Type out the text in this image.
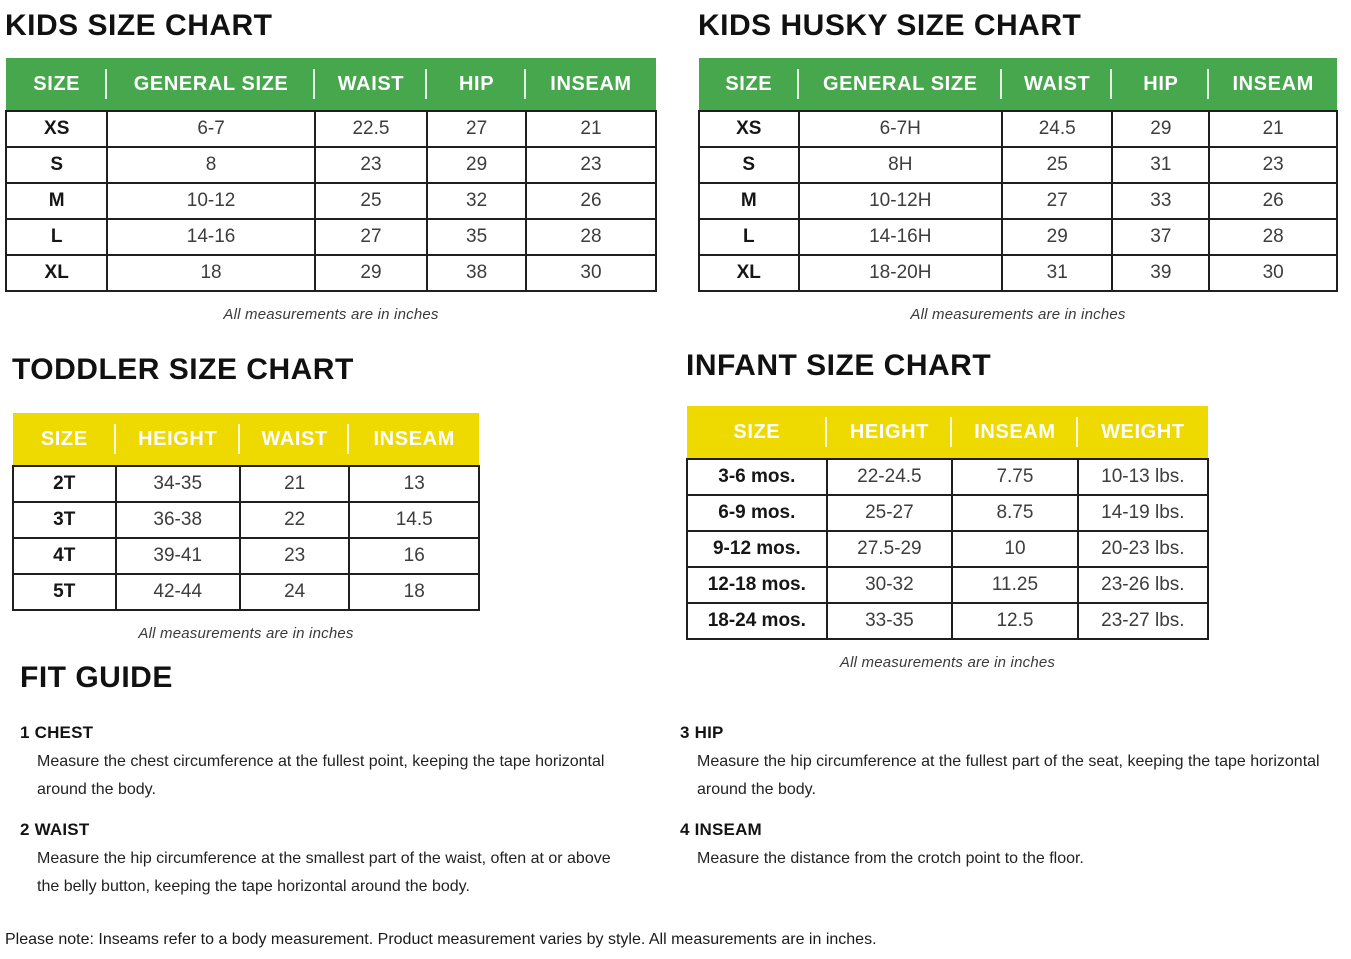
KIDS SIZE CHART
SIZE	GENERAL SIZE	WAIST	HIP	INSEAM
XS	6-7	22.5	27	21
S	8	23	29	23
M	10-12	25	32	26
L	14-16	27	35	28
XL	18	29	38	30
All measurements are in inches
KIDS HUSKY SIZE CHART
SIZE	GENERAL SIZE	WAIST	HIP	INSEAM
XS	6-7H	24.5	29	21
S	8H	25	31	23
M	10-12H	27	33	26
L	14-16H	29	37	28
XL	18-20H	31	39	30
All measurements are in inches
TODDLER SIZE CHART
SIZE	HEIGHT	WAIST	INSEAM
2T	34-35	21	13
3T	36-38	22	14.5
4T	39-41	23	16
5T	42-44	24	18
All measurements are in inches
INFANT SIZE CHART
SIZE	HEIGHT	INSEAM	WEIGHT
3-6 mos.	22-24.5	7.75	10-13 lbs.
6-9 mos.	25-27	8.75	14-19 lbs.
9-12 mos.	27.5-29	10	20-23 lbs.
12-18 mos.	30-32	11.25	23-26 lbs.
18-24 mos.	33-35	12.5	23-27 lbs.
All measurements are in inches
FIT GUIDE
1 CHEST

Measure the chest circumference at the fullest point, keeping the tape horizontal around the body.

2 WAIST

Measure the hip circumference at the smallest part of the waist, often at or above the belly button, keeping the tape horizontal around the body.

3 HIP

Measure the hip circumference at the fullest part of the seat, keeping the tape horizontal around the body.

4 INSEAM

Measure the distance from the crotch point to the floor.

Please note: Inseams refer to a body measurement. Product measurement varies by style. All measurements are in inches.
